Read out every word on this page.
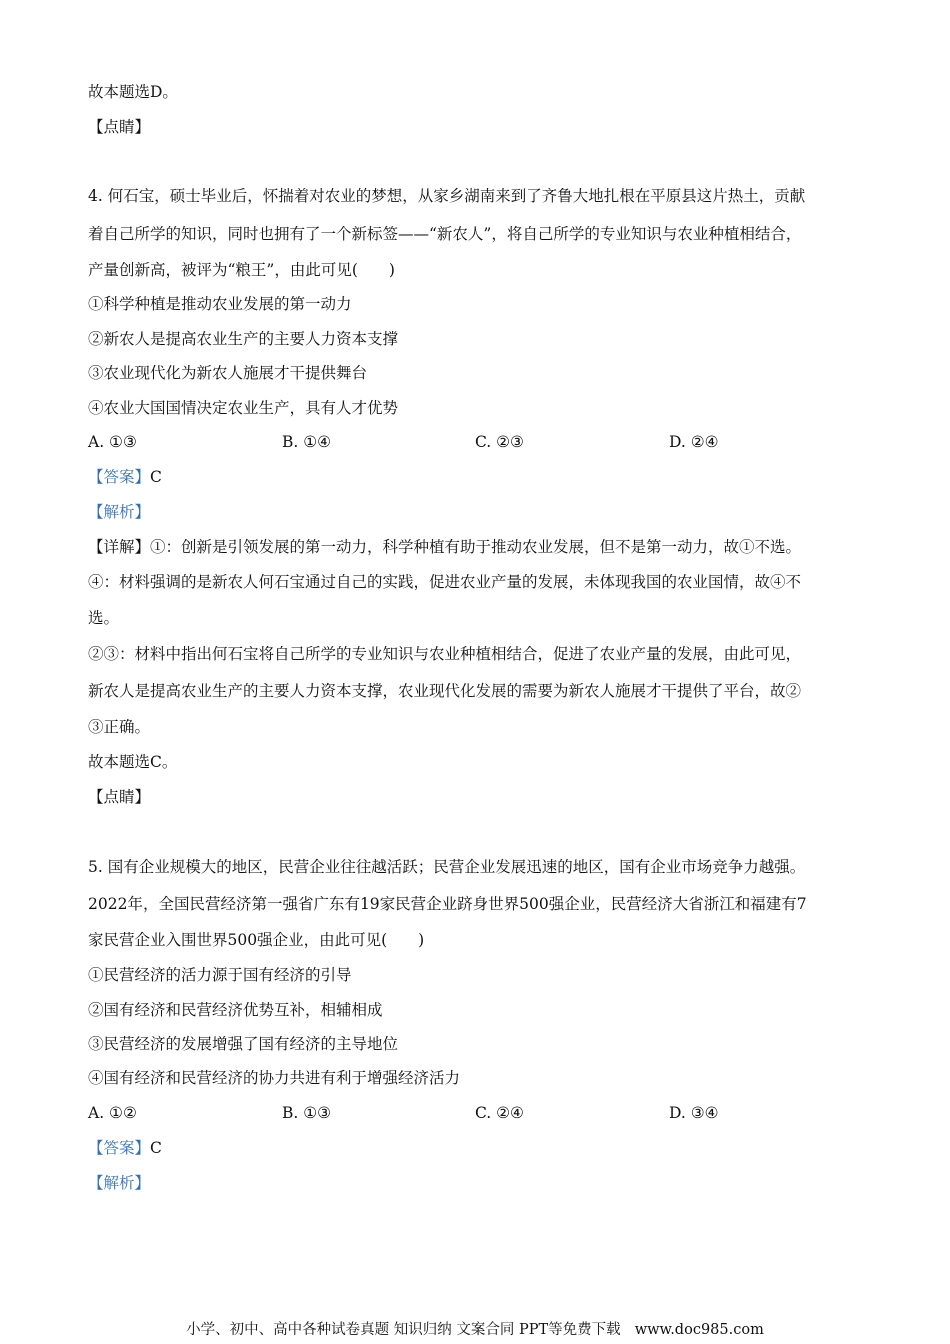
故本题选D。
【点睛】
4. 何石宝，硕士毕业后，怀揣着对农业的梦想，从家乡湖南来到了齐鲁大地扎根在平原县这片热土，贡献
着自己所学的知识，同时也拥有了一个新标签——“新农人”，将自己所学的专业知识与农业种植相结合，
产量创新高，被评为“粮王”，由此可见(　　)
①科学种植是推动农业发展的第一动力
②新农人是提高农业生产的主要人力资本支撑
③农业现代化为新农人施展才干提供舞台
④农业大国国情决定农业生产，具有人才优势
A. ①③	B. ①④	C. ②③	D. ②④
【答案】C
【解析】
【详解】①：创新是引领发展的第一动力，科学种植有助于推动农业发展，但不是第一动力，故①不选。
④：材料强调的是新农人何石宝通过自己的实践，促进农业产量的发展，未体现我国的农业国情，故④不
选。
②③：材料中指出何石宝将自己所学的专业知识与农业种植相结合，促进了农业产量的发展，由此可见，
新农人是提高农业生产的主要人力资本支撑，农业现代化发展的需要为新农人施展才干提供了平台，故②
③正确。
故本题选C。
【点睛】
5. 国有企业规模大的地区，民营企业往往越活跃；民营企业发展迅速的地区，国有企业市场竞争力越强。
2022年，全国民营经济第一强省广东有19家民营企业跻身世界500强企业，民营经济大省浙江和福建有7
家民营企业入围世界500强企业，由此可见(　　)
①民营经济的活力源于国有经济的引导
②国有经济和民营经济优势互补，相辅相成
③民营经济的发展增强了国有经济的主导地位
④国有经济和民营经济的协力共进有利于增强经济活力
A. ①②	B. ①③	C. ②④	D. ③④
【答案】C
【解析】
小学、初中、高中各种试卷真题 知识归纳 文案合同 PPT等免费下载 www.doc985.com
